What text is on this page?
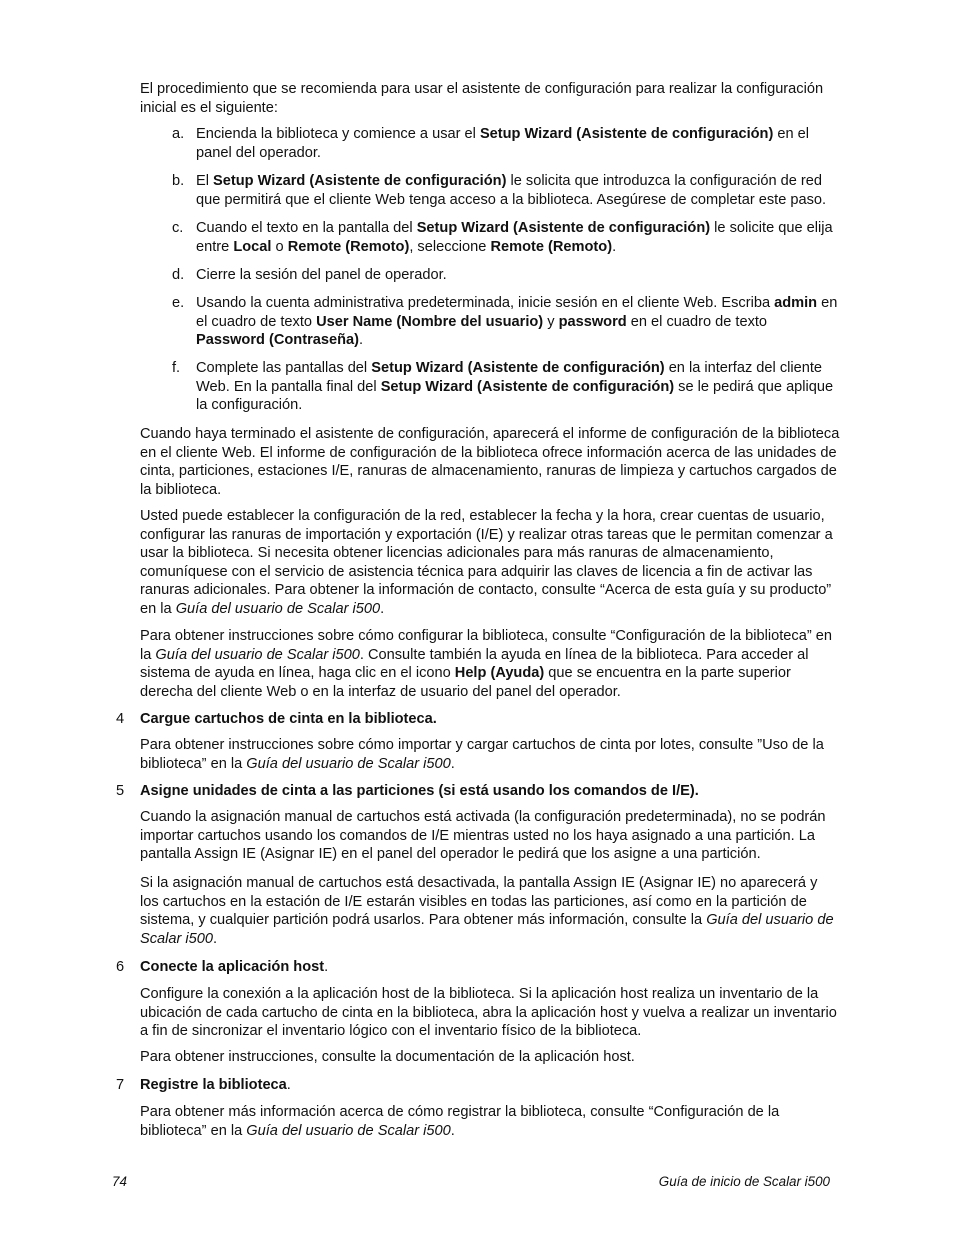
El procedimiento que se recomienda para usar el asistente de configuración para realizar la configuración inicial es el siguiente:

a. Encienda la biblioteca y comience a usar el Setup Wizard (Asistente de configuración) en el panel del operador.
b. El Setup Wizard (Asistente de configuración) le solicita que introduzca la configuración de red que permitirá que el cliente Web tenga acceso a la biblioteca. Asegúrese de completar este paso.
c. Cuando el texto en la pantalla del Setup Wizard (Asistente de configuración) le solicite que elija entre Local o Remote (Remoto), seleccione Remote (Remoto).
d. Cierre la sesión del panel de operador.
e. Usando la cuenta administrativa predeterminada, inicie sesión en el cliente Web. Escriba admin en el cuadro de texto User Name (Nombre del usuario) y password en el cuadro de texto Password (Contraseña).
f.	Complete las pantallas del Setup Wizard (Asistente de configuración) en la interfaz del cliente Web. En la pantalla final del Setup Wizard (Asistente de configuración) se le pedirá que aplique la configuración.

Cuando haya terminado el asistente de configuración, aparecerá el informe de configuración de la biblioteca en el cliente Web. El informe de configuración de la biblioteca ofrece información acerca de las unidades de cinta, particiones, estaciones I/E, ranuras de almacenamiento, ranuras de limpieza y cartuchos cargados de la biblioteca.

Usted puede establecer la configuración de la red, establecer la fecha y la hora, crear cuentas de usuario, configurar las ranuras de importación y exportación (I/E) y realizar otras tareas que le permitan comenzar a usar la biblioteca. Si necesita obtener licencias adicionales para más ranuras de almacenamiento, comuníquese con el servicio de asistencia técnica para adquirir las claves de licencia a fin de activar las ranuras adicionales. Para obtener la información de contacto, consulte “Acerca de esta guía y su producto” en la Guía del usuario de Scalar i500.

Para obtener instrucciones sobre cómo configurar la biblioteca, consulte “Configuración de la biblioteca” en la Guía del usuario de Scalar i500. Consulte también la ayuda en línea de la biblioteca. Para acceder al sistema de ayuda en línea, haga clic en el icono Help (Ayuda) que se encuentra en la parte superior derecha del cliente Web o en la interfaz de usuario del panel del operador.

4	Cargue cartuchos de cinta en la biblioteca.

Para obtener instrucciones sobre cómo importar y cargar cartuchos de cinta por lotes, consulte ”Uso de la biblioteca” en la Guía del usuario de Scalar i500.

5	Asigne unidades de cinta a las particiones (si está usando los comandos de I/E).

Cuando la asignación manual de cartuchos está activada (la configuración predeterminada), no se podrán importar cartuchos usando los comandos de I/E mientras usted no los haya asignado a una partición. La pantalla Assign IE (Asignar IE) en el panel del operador le pedirá que los asigne a una partición.

Si la asignación manual de cartuchos está desactivada, la pantalla Assign IE (Asignar IE) no aparecerá y los cartuchos en la estación de I/E estarán visibles en todas las particiones, así como en la partición de sistema, y cualquier partición podrá usarlos. Para obtener más información, consulte la Guía del usuario de Scalar i500.

6	Conecte la aplicación host.

Configure la conexión a la aplicación host de la biblioteca. Si la aplicación host realiza un inventario de la ubicación de cada cartucho de cinta en la biblioteca, abra la aplicación host y vuelva a realizar un inventario a fin de sincronizar el inventario lógico con el inventario físico de la biblioteca.

Para obtener instrucciones, consulte la documentación de la aplicación host.

7	Registre la biblioteca.

Para obtener más información acerca de cómo registrar la biblioteca, consulte “Configuración de la biblioteca” en la Guía del usuario de Scalar i500.

74	Guía de inicio de Scalar i500
